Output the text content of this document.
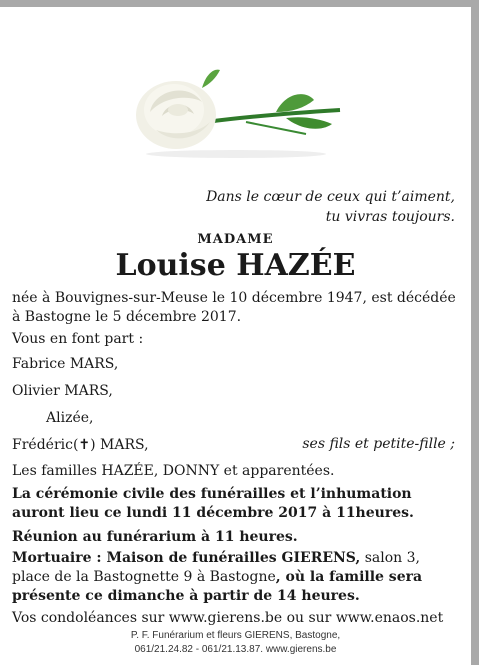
Dans le cœur de ceux qui t’aiment,
tu vivras toujours.
MADAME
Louise HAZÉE
née à Bouvignes-sur-Meuse le 10 décembre 1947, est décédée
à Bastogne le 5 décembre 2017.
Vous en font part :
Fabrice MARS,
Olivier MARS,
Alizée,
Frédéric(✝) MARS,	ses fils et petite-fille ;
Les familles HAZÉE, DONNY et apparentées.
La cérémonie civile des funérailles et l’inhumation
auront lieu ce lundi 11 décembre 2017 à 11heures.
Réunion au funérarium à 11 heures.
Mortuaire : Maison de funérailles GIERENS, salon 3,
place de la Bastognette 9 à Bastogne, où la famille sera
présente ce dimanche à partir de 14 heures.
Vos condoléances sur www.gierens.be ou sur www.enaos.net
P. F. Funérarium et fleurs GIERENS, Bastogne,
061/21.24.82 - 061/21.13.87. www.gierens.be
